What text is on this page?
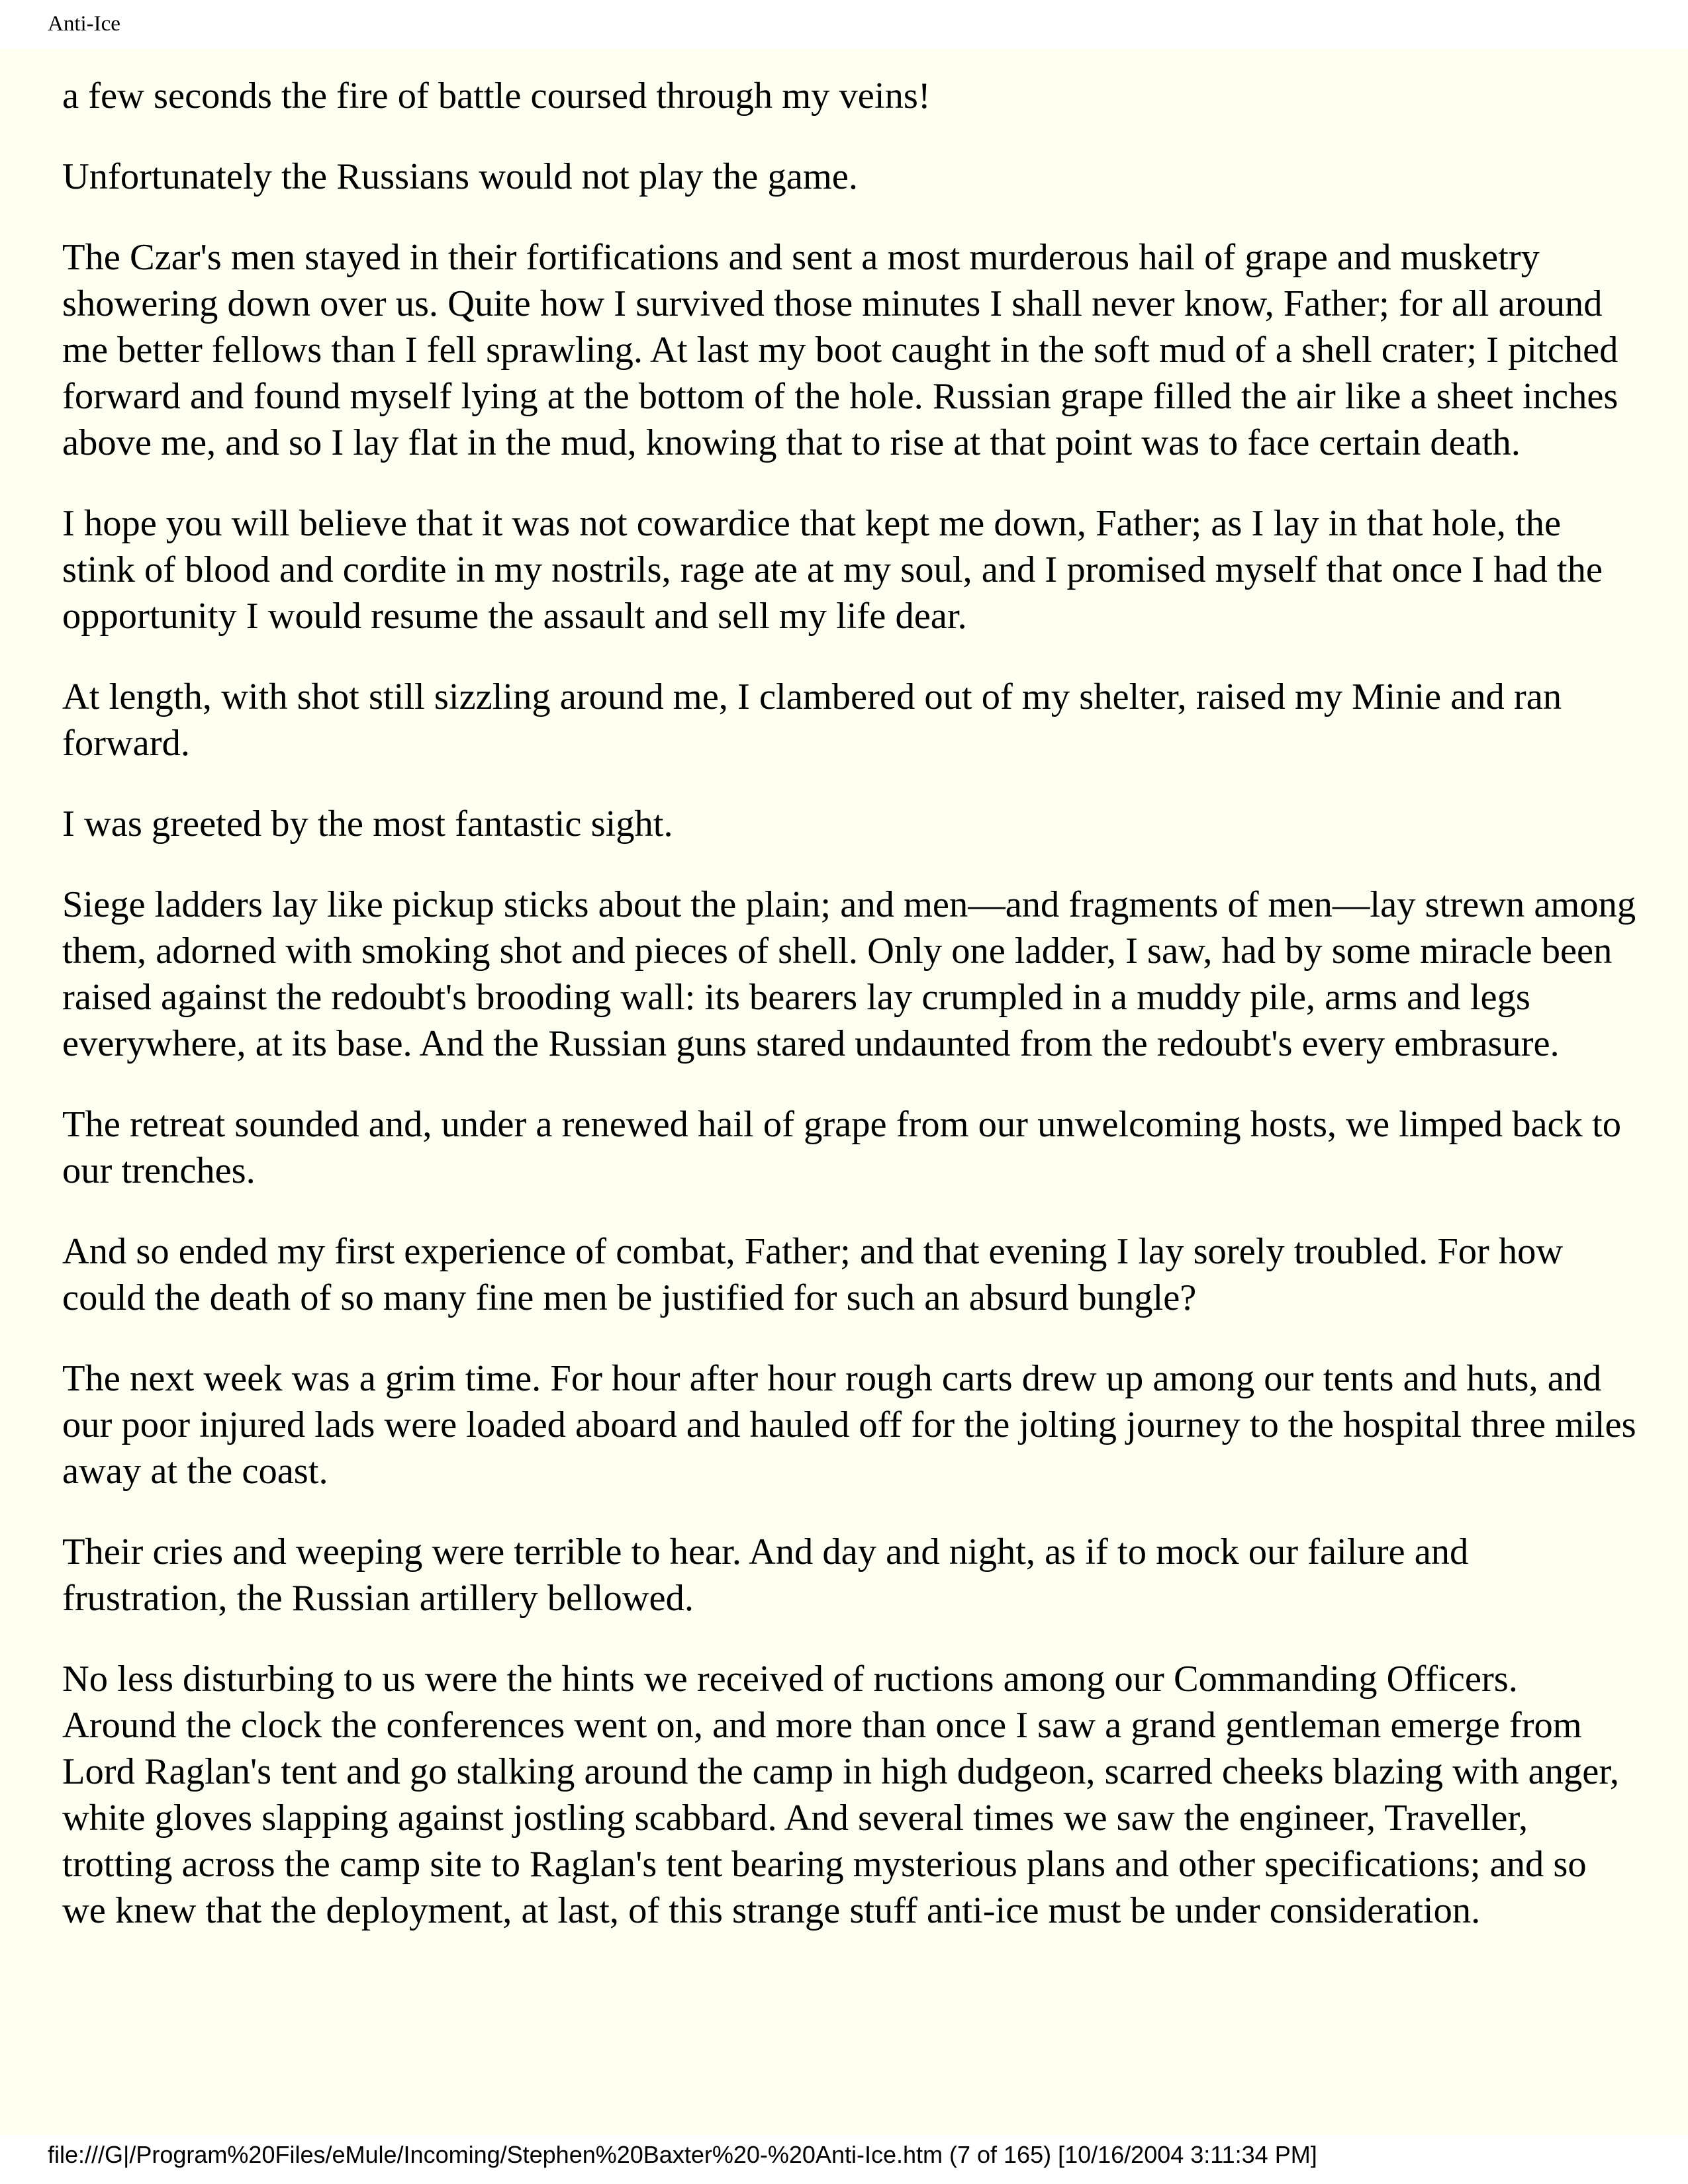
Anti-Ice

a few seconds the fire of battle coursed through my veins!

Unfortunately the Russians would not play the game.

The Czar's men stayed in their fortifications and sent a most murderous hail of grape and musketry showering down over us. Quite how I survived those minutes I shall never know, Father; for all around me better fellows than I fell sprawling. At last my boot caught in the soft mud of a shell crater; I pitched forward and found myself lying at the bottom of the hole. Russian grape filled the air like a sheet inches above me, and so I lay flat in the mud, knowing that to rise at that point was to face certain death.

I hope you will believe that it was not cowardice that kept me down, Father; as I lay in that hole, the stink of blood and cordite in my nostrils, rage ate at my soul, and I promised myself that once I had the opportunity I would resume the assault and sell my life dear.

At length, with shot still sizzling around me, I clambered out of my shelter, raised my Minie and ran forward.

I was greeted by the most fantastic sight.

Siege ladders lay like pickup sticks about the plain; and men—and fragments of men—lay strewn among them, adorned with smoking shot and pieces of shell. Only one ladder, I saw, had by some miracle been raised against the redoubt's brooding wall: its bearers lay crumpled in a muddy pile, arms and legs everywhere, at its base. And the Russian guns stared undaunted from the redoubt's every embrasure.

The retreat sounded and, under a renewed hail of grape from our unwelcoming hosts, we limped back to our trenches.

And so ended my first experience of combat, Father; and that evening I lay sorely troubled. For how could the death of so many fine men be justified for such an absurd bungle?

The next week was a grim time. For hour after hour rough carts drew up among our tents and huts, and our poor injured lads were loaded aboard and hauled off for the jolting journey to the hospital three miles away at the coast.

Their cries and weeping were terrible to hear. And day and night, as if to mock our failure and frustration, the Russian artillery bellowed.

No less disturbing to us were the hints we received of ructions among our Commanding Officers. Around the clock the conferences went on, and more than once I saw a grand gentleman emerge from Lord Raglan's tent and go stalking around the camp in high dudgeon, scarred cheeks blazing with anger, white gloves slapping against jostling scabbard. And several times we saw the engineer, Traveller, trotting across the camp site to Raglan's tent bearing mysterious plans and other specifications; and so we knew that the deployment, at last, of this strange stuff anti-ice must be under consideration.

file:///G|/Program%20Files/eMule/Incoming/Stephen%20Baxter%20-%20Anti-Ice.htm (7 of 165) [10/16/2004 3:11:34 PM]
